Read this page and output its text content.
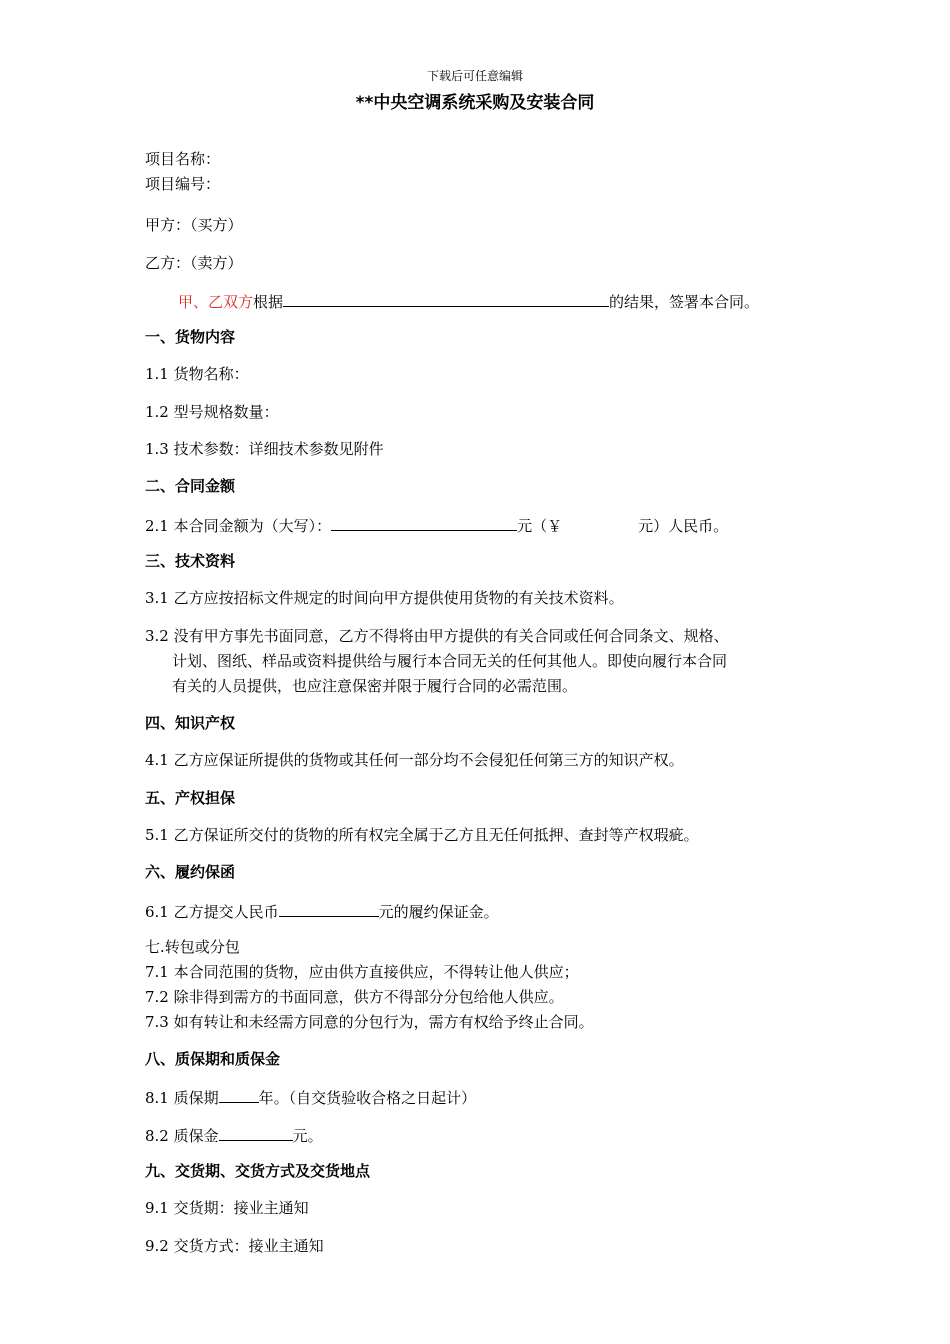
下载后可任意编辑
**中央空调系统采购及安装合同
项目名称：
项目编号：
甲方：（买方）
乙方：（卖方）
甲、乙双方根据	的结果，签署本合同。
一、货物内容
1.1 货物名称：
1.2 型号规格数量：
1.3 技术参数：详细技术参数见附件
二、合同金额
2.1 本合同金额为（大写）：	元（￥	元）人民币。
三、技术资料
3.1 乙方应按招标文件规定的时间向甲方提供使用货物的有关技术资料。
3.2 没有甲方事先书面同意，乙方不得将由甲方提供的有关合同或任何合同条文、规格、
计划、图纸、样品或资料提供给与履行本合同无关的任何其他人。即使向履行本合同
有关的人员提供，也应注意保密并限于履行合同的必需范围。
四、知识产权
4.1 乙方应保证所提供的货物或其任何一部分均不会侵犯任何第三方的知识产权。
五、产权担保
5.1 乙方保证所交付的货物的所有权完全属于乙方且无任何抵押、查封等产权瑕疵。
六、履约保函
6.1 乙方提交人民币	元的履约保证金。
七.转包或分包
7.1 本合同范围的货物，应由供方直接供应，不得转让他人供应；
7.2 除非得到需方的书面同意，供方不得部分分包给他人供应。
7.3 如有转让和未经需方同意的分包行为，需方有权给予终止合同。
八、质保期和质保金
8.1 质保期	年。（自交货验收合格之日起计）
8.2 质保金	元。
九、交货期、交货方式及交货地点
9.1 交货期：接业主通知
9.2 交货方式：接业主通知
